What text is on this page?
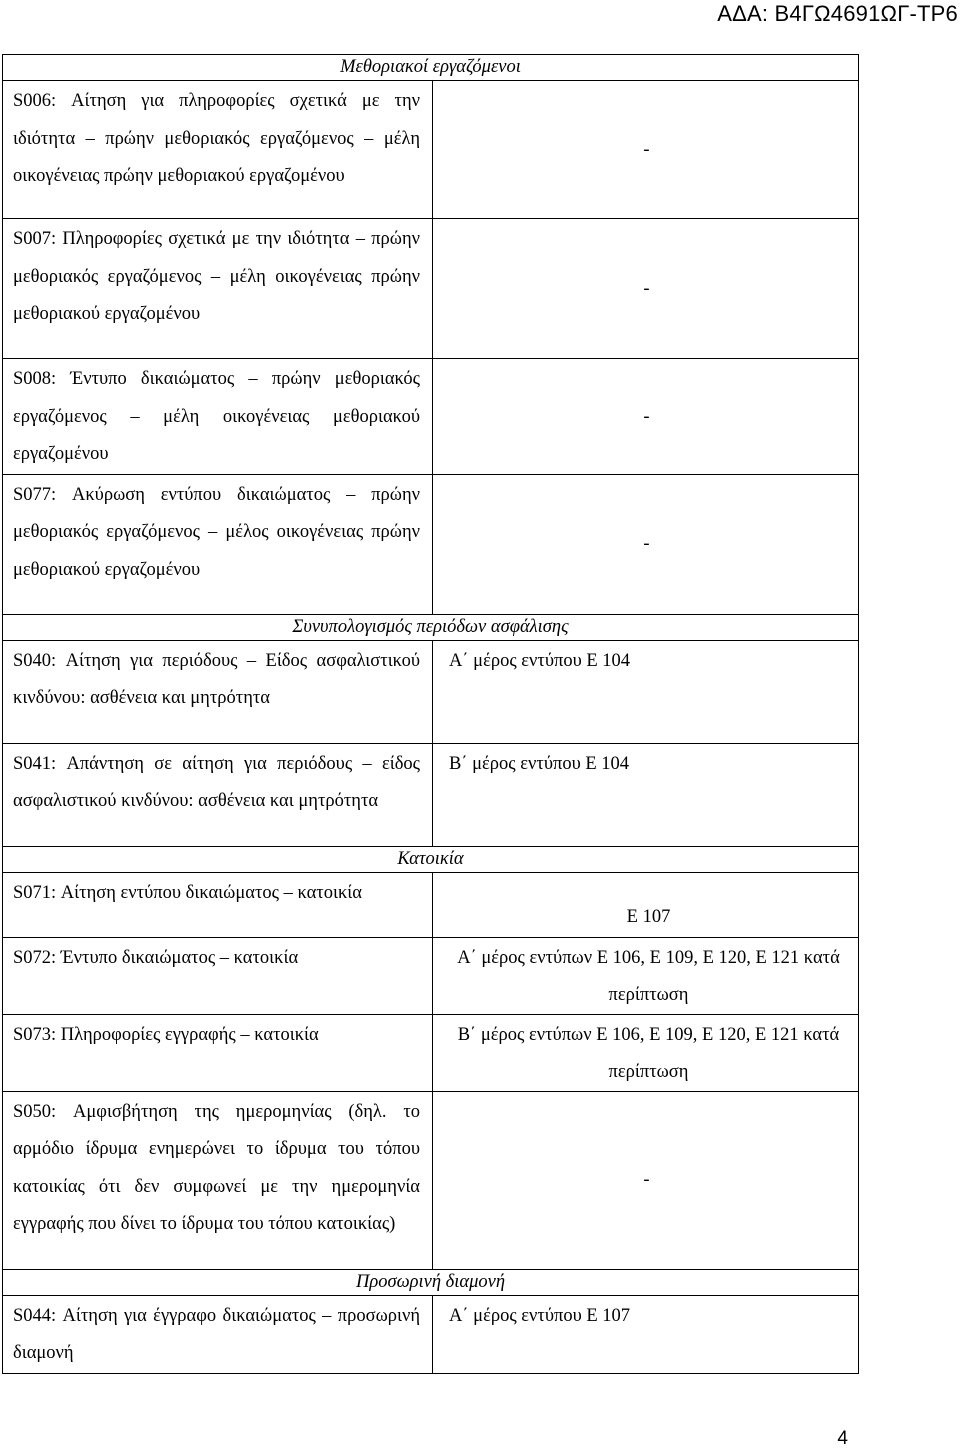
ΑΔΑ: Β4ΓΩ4691ΩΓ-ΤΡ6
Μεθοριακοί εργαζόμενοι	
S006: Αίτηση για πληροφορίες σχετικά με την ιδιότητα – πρώην μεθοριακός εργαζόμενος – μέλη οικογένειας πρώην μεθοριακού εργαζομένου	-
S007: Πληροφορίες σχετικά με την ιδιότητα – πρώην μεθοριακός εργαζόμενος – μέλη οικογένειας πρώην μεθοριακού εργαζομένου	-
S008: Έντυπο δικαιώματος – πρώην μεθοριακός εργαζόμενος – μέλη οικογένειας μεθοριακού εργαζομένου	-
S077: Ακύρωση εντύπου δικαιώματος – πρώην μεθοριακός εργαζόμενος – μέλος οικογένειας πρώην μεθοριακού εργαζομένου	-
Συνυπολογισμός περιόδων ασφάλισης	
S040: Αίτηση για περιόδους – Είδος ασφαλιστικού κινδύνου: ασθένεια και μητρότητα	Α΄ μέρος εντύπου Ε 104
S041: Απάντηση σε αίτηση για περιόδους – είδος ασφαλιστικού κινδύνου: ασθένεια και μητρότητα	Β΄ μέρος εντύπου Ε 104
Κατοικία	
S071: Αίτηση εντύπου δικαιώματος – κατοικία	Ε 107
S072: Έντυπο δικαιώματος – κατοικία	Α΄ μέρος εντύπων Ε 106, Ε 109, Ε 120, Ε 121 κατά περίπτωση
S073: Πληροφορίες εγγραφής – κατοικία	Β΄ μέρος εντύπων Ε 106, Ε 109, Ε 120, Ε 121 κατά περίπτωση
S050: Αμφισβήτηση της ημερομηνίας (δηλ. το αρμόδιο ίδρυμα ενημερώνει το ίδρυμα του τόπου κατοικίας ότι δεν συμφωνεί με την ημερομηνία εγγραφής που δίνει το ίδρυμα του τόπου κατοικίας)	-
Προσωρινή διαμονή	
S044: Αίτηση για έγγραφο δικαιώματος – προσωρινή διαμονή	Α΄ μέρος εντύπου Ε 107
4
